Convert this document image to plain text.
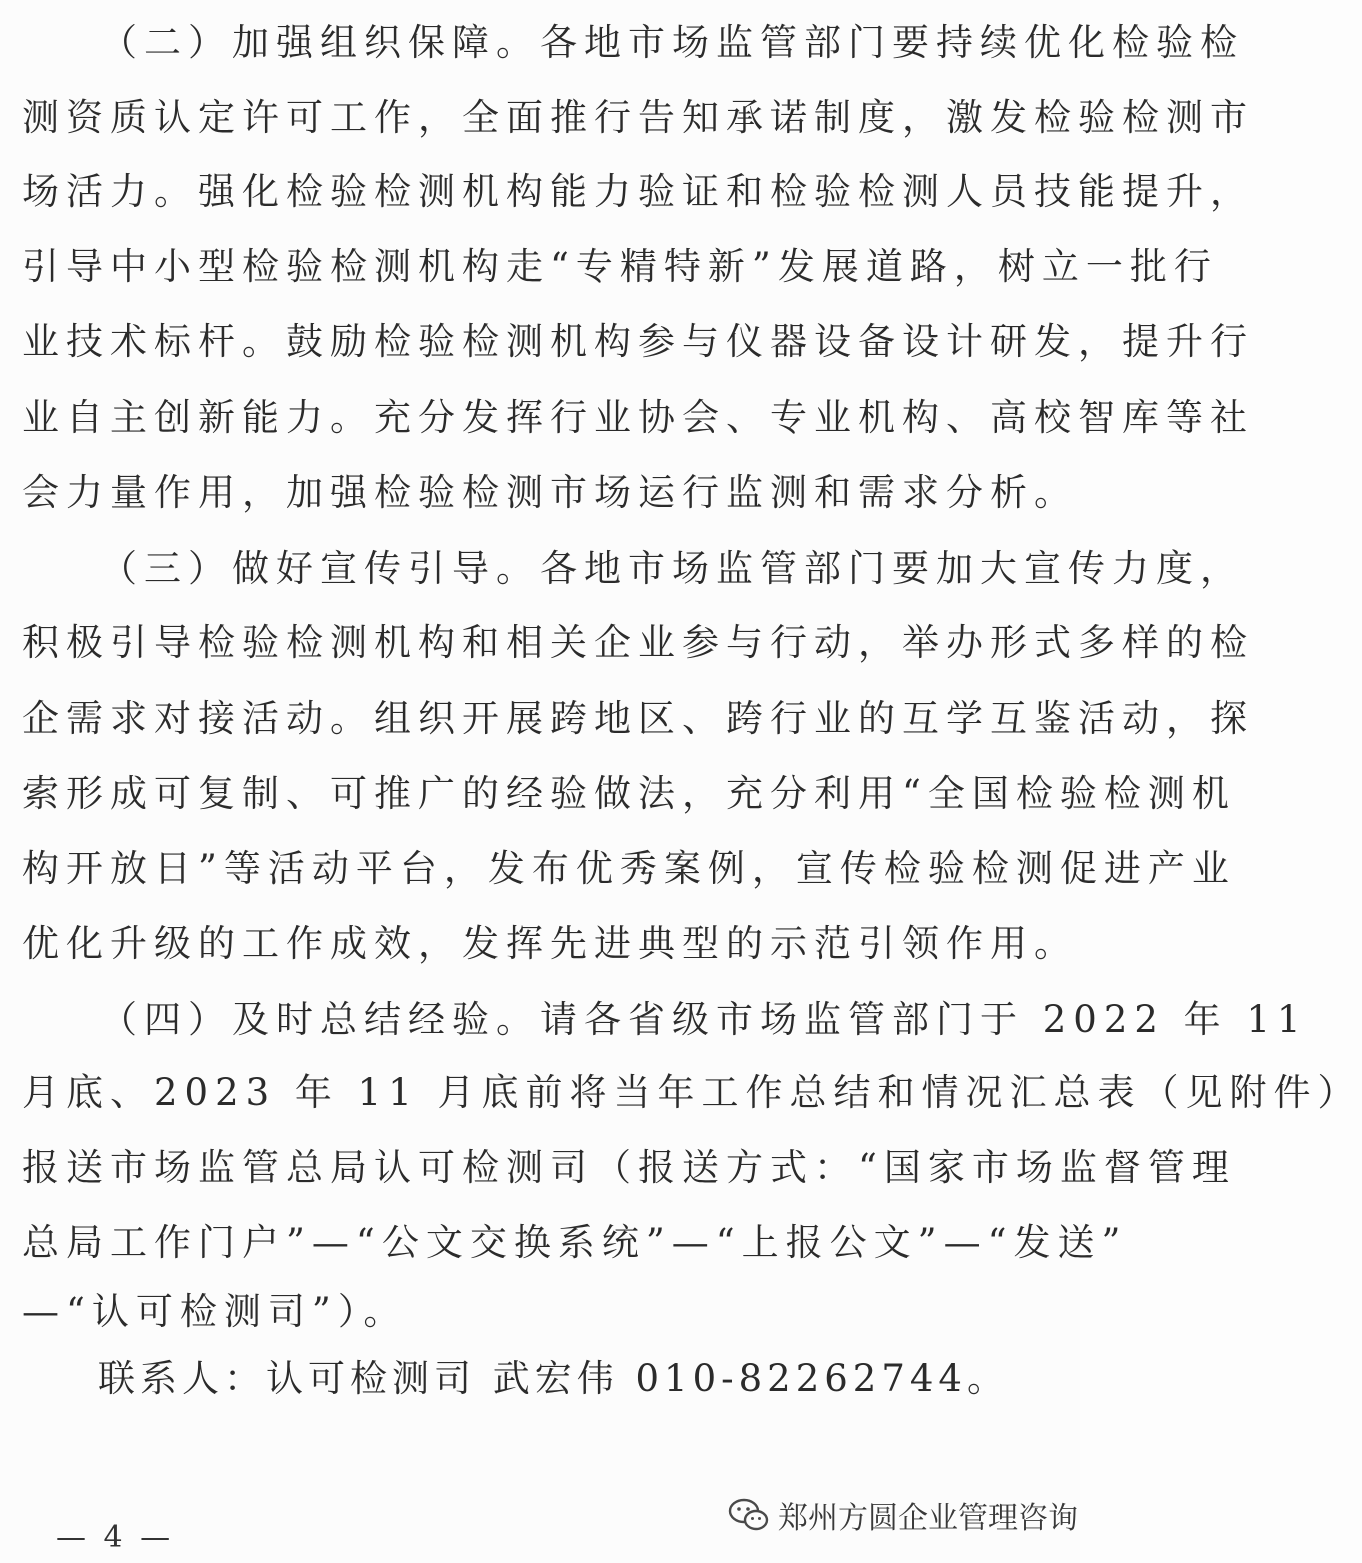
（二）加强组织保障。各地市场监管部门要持续优化检验检
测资质认定许可工作，全面推行告知承诺制度，激发检验检测市
场活力。强化检验检测机构能力验证和检验检测人员技能提升，
引导中小型检验检测机构走“专精特新”发展道路，树立一批行
业技术标杆。鼓励检验检测机构参与仪器设备设计研发，提升行
业自主创新能力。充分发挥行业协会、专业机构、高校智库等社
会力量作用，加强检验检测市场运行监测和需求分析。
（三）做好宣传引导。各地市场监管部门要加大宣传力度，
积极引导检验检测机构和相关企业参与行动，举办形式多样的检
企需求对接活动。组织开展跨地区、跨行业的互学互鉴活动，探
索形成可复制、可推广的经验做法，充分利用“全国检验检测机
构开放日”等活动平台，发布优秀案例，宣传检验检测促进产业
优化升级的工作成效，发挥先进典型的示范引领作用。
（四）及时总结经验。请各省级市场监管部门于 2022 年 11
月底、2023 年 11 月底前将当年工作总结和情况汇总表（见附件）
报送市场监管总局认可检测司（报送方式：“国家市场监督管理
总局工作门户”—“公文交换系统”—“上报公文”—“发送”
—“认可检测司”）。
联系人：认可检测司 武宏伟 010-82262744。
— 4 —
郑州方圆企业管理咨询
